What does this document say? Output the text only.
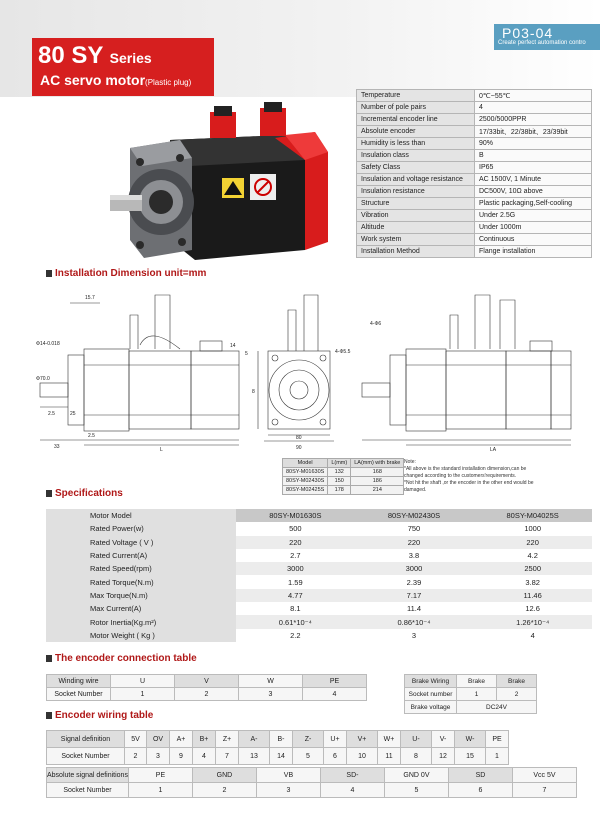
80 SY Series
AC servo motor(Plastic plug)
P03-04
Create perfect automation contro
Temperature	0℃~55℃
Number of pole pairs	4
Incremental encoder line	2500/5000PPR
Absolute encoder	17/33bit、22/38bit、23/39bit
Humidity is less than	90%
Insulation class	B
Safety Class	IP65
Insulation and voltage resistance	AC 1500V, 1 Minute
Insulation resistance	DC500V, 10Ω above
Structure	Plastic packaging,Self-cooling
Vibration	Under 2.5G
Altitude	Under 1000m
Work system	Continuous
Installation Method	Flange installation
Installation Dimension unit=mm
15.7
4-Φ5.5
Φ70.0
Φ14-0.018
2.5	25
33
2.5
L
80
90	LA
4-Φ6
5
8
14
Model	L(mm)	LA(mm) with brake
80SY-M01630S	132	168
80SY-M02430S	150	186
80SY-M02425S	178	214
Note:
*All above is the standard installation dimension,can be
changed according to the customers'requirements.
*Not hit the shaft ,or the encoder in the other end would be
damaged.
Specifications
Motor Model	80SY-M01630S	80SY-M02430S	80SY-M04025S
Rated Power(w)	500	750	1000
Rated Voltage ( V )	220	220	220
Rated Current(A)	2.7	3.8	4.2
Rated Speed(rpm)	3000	3000	2500
Rated Torque(N.m)	1.59	2.39	3.82
Max Torque(N.m)	4.77	7.17	11.46
Max Current(A)	8.1	11.4	12.6
Rotor Inertia(Kg.m²)	0.61*10⁻⁴	0.86*10⁻⁴	1.26*10⁻⁴
Motor Weight ( Kg )	2.2	3	4
The encoder connection table
Winding wire	U	V	W	PE
Socket Number	1	2	3	4
Brake Wiring	Brake	Brake
Socket number	1	2
Brake voltage	DC24V	
Encoder wiring table
Signal definition	5V	OV	A+	B+	Z+	A-	B-	Z-	U+	V+	W+	U-	V-	W-	PE
Socket Number	2	3	9	4	7	13	14	5	6	10	11	8	12	15	1
Absolute signal definitions	PE	GND	VB	SD-	GND 0V	SD	Vcc 5V
Socket Number	1	2	3	4	5	6	7
